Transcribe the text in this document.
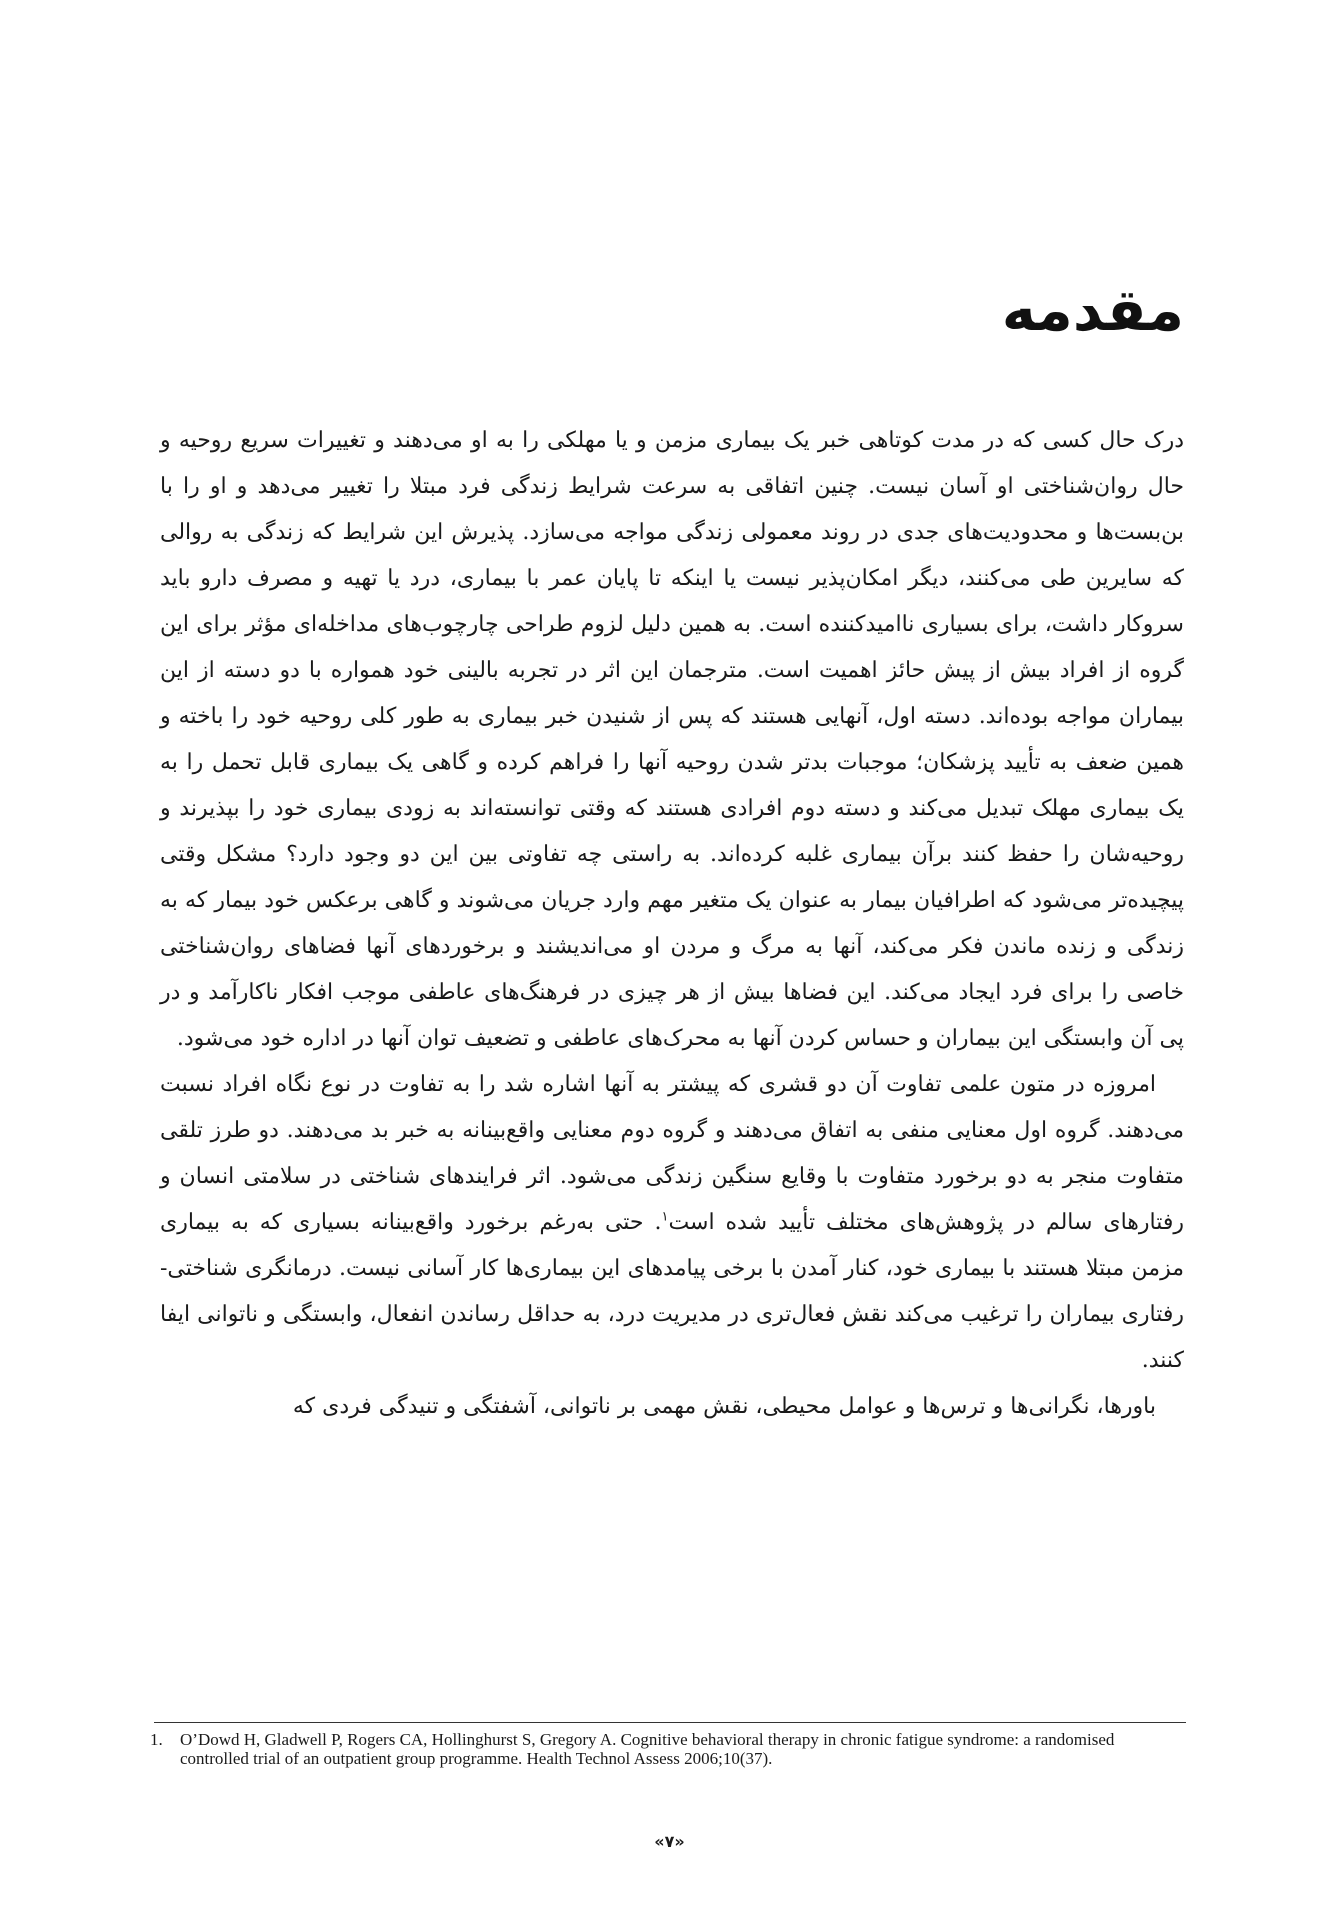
مقدمه

درک حال کسی که در مدت کوتاهی خبر یک بیماری مزمن و یا مهلکی را به او می‌دهند و تغییرات سریع روحیه و حال روان‌شناختی او آسان نیست. چنین اتفاقی به سرعت شرایط زندگی فرد مبتلا را تغییر می‌دهد و او را با بن‌بست‌ها و محدودیت‌های جدی در روند معمولی زندگی مواجه می‌سازد. پذیرش این شرایط که زندگی به روالی که سایرین طی می‌کنند، دیگر امکان‌پذیر نیست یا اینکه تا پایان عمر با بیماری، درد یا تهیه و مصرف دارو باید سروکار داشت، برای بسیاری ناامیدکننده است. به همین دلیل لزوم طراحی چارچوب‌های مداخله‌ای مؤثر برای این گروه از افراد بیش از پیش حائز اهمیت است. مترجمان این اثر در تجربه بالینی خود همواره با دو دسته از این بیماران مواجه بوده‌اند. دسته اول، آنهایی هستند که پس از شنیدن خبر بیماری به طور کلی روحیه خود را باخته و همین ضعف به تأیید پزشکان؛ موجبات بدتر شدن روحیه آنها را فراهم کرده و گاهی یک بیماری قابل تحمل را به یک بیماری مهلک تبدیل می‌کند و دسته دوم افرادی هستند که وقتی توانسته‌اند به زودی بیماری خود را بپذیرند و روحیه‌شان را حفظ کنند برآن بیماری غلبه کرده‌اند. به راستی چه تفاوتی بین این دو وجود دارد؟ مشکل وقتی پیچیده‌تر می‌شود که اطرافیان بیمار به عنوان یک متغیر مهم وارد جریان می‌شوند و گاهی برعکس خود بیمار که به زندگی و زنده ماندن فکر می‌کند، آنها به مرگ و مردن او می‌اندیشند و برخوردهای آنها فضاهای روان‌شناختی خاصی را برای فرد ایجاد می‌کند. این فضاها بیش از هر چیزی در فرهنگ‌های عاطفی موجب افکار ناکارآمد و در پی آن وابستگی این بیماران و حساس کردن آنها به محرک‌های عاطفی و تضعیف توان آنها در اداره خود می‌شود.

امروزه در متون علمی تفاوت آن دو قشری که پیشتر به آنها اشاره شد را به تفاوت در نوع نگاه افراد نسبت می‌دهند. گروه اول معنایی منفی به اتفاق می‌دهند و گروه دوم معنایی واقع‌بینانه به خبر بد می‌دهند. دو طرز تلقی متفاوت منجر به دو برخورد متفاوت با وقایع سنگین زندگی می‌شود. اثر فرایندهای شناختی در سلامتی انسان و رفتارهای سالم در پژوهش‌های مختلف تأیید شده است$^۱$. حتی به‌رغم برخورد واقع‌بینانه بسیاری که به بیماری مزمن مبتلا هستند با بیماری خود، کنار آمدن با برخی پیامدهای این بیماری‌ها کار آسانی نیست. درمانگری شناختی- رفتاری بیماران را ترغیب می‌کند نقش فعال‌تری در مدیریت درد، به حداقل رساندن انفعال، وابستگی و ناتوانی ایفا کنند.

باورها، نگرانی‌ها و ترس‌ها و عوامل محیطی، نقش مهمی بر ناتوانی، آشفتگی و تنیدگی فردی که

1.	O’Dowd H, Gladwell P, Rogers CA, Hollinghurst S, Gregory A. Cognitive behavioral therapy in chronic fatigue syndrome: a randomised controlled trial of an outpatient group programme. Health Technol Assess 2006;10(37).
«۷»
